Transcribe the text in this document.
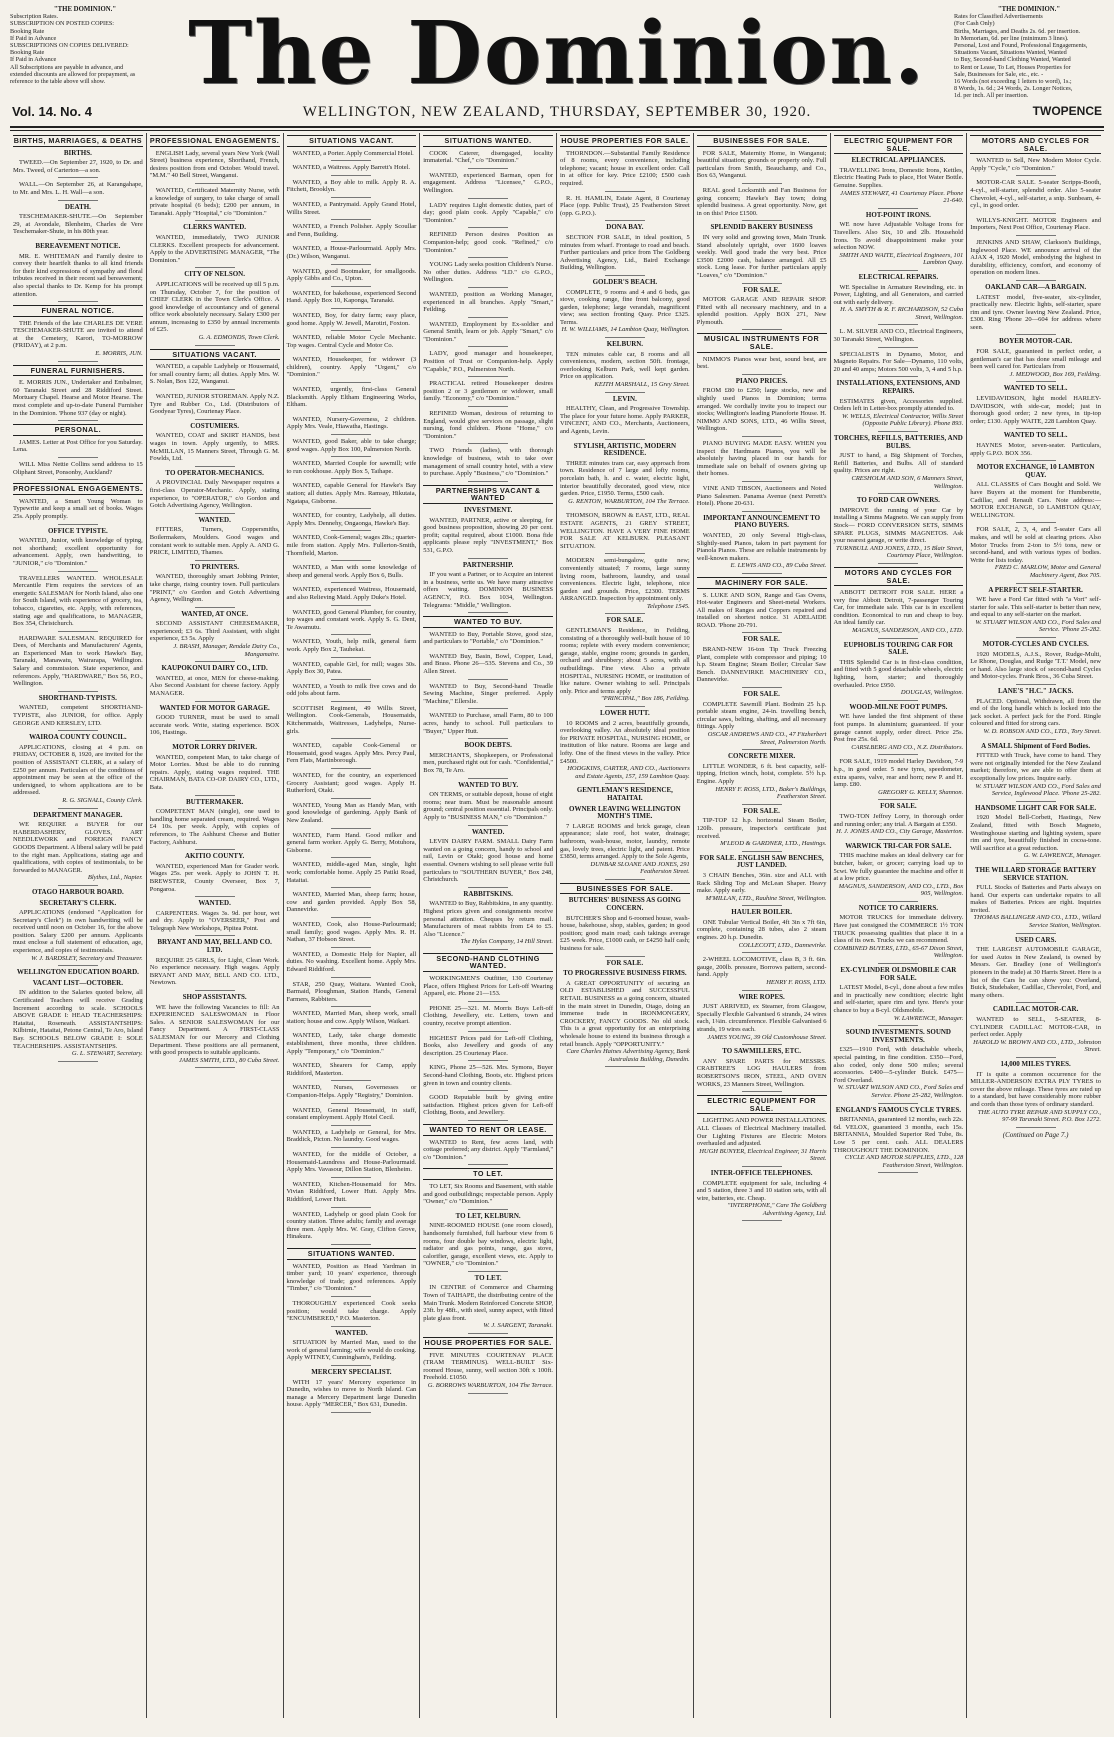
"THE DOMINION."
Subscription Rates.
SUBSCRIPTION ON POSTED COPIES:
Booking Rate
If Paid in Advance
SUBSCRIPTIONS ON COPIES DELIVERED:
Booking Rate
If Paid in Advance
All Subscriptions are payable in advance, and
extended discounts are allowed for prepayment, as
reference to the table above will show. The Dominion.	"THE DOMINION."
Rates for Classified Advertisements
(For Cash Only)
Births, Marriages, and Deaths 2s. 6d. per insertion.
In Memoriam, 6d. per line (minimum 3 lines).
Personal, Lost and Found, Professional Engagements,
Situations Vacant, Situations Wanted, Wanted
to Buy, Second-hand Clothing Wanted, Wanted
to Rent or Lease, To Let, Houses Properties for
Sale, Businesses for Sale, etc., etc. -
16 Words (not exceeding 1 letters to word), 1s.;
8 Words, 1s. 6d.; 24 Words, 2s. Longer Notices,
1d. per inch. All per insertion.
Vol. 14. No. 4	WELLINGTON, NEW ZEALAND, THURSDAY, SEPTEMBER 30, 1920.	TWOPENCE
BIRTHS, MARRIAGES, & DEATHS
BIRTHS.

TWEED.—On September 27, 1920, to Dr. and Mrs. Tweed, of Carterton—a son.

WALL.—On September 26, at Karangahape, to Mr. and Mrs. L. H. Wall—a son.

DEATH.

TESCHEMAKER-SHUTE.—On September 29, at Avondale, Blenheim, Charles de Vere Teschemaker-Shute, in his 80th year.

BEREAVEMENT NOTICE.

MR. E. WHITEMAN and Family desire to convey their heartfelt thanks to all kind friends for their kind expressions of sympathy and floral tributes received in their recent sad bereavement; also special thanks to Dr. Kemp for his prompt attention.

FUNERAL NOTICE.

THE Friends of the late CHARLES DE VERE TESCHEMAKER-SHUTE are invited to attend at the Cemetery, Karori, TO-MORROW (FRIDAY), at 2 p.m.

E. MORRIS, JUN.

FUNERAL FURNISHERS.

E. MORRIS JUN., Undertaker and Embalmer, 60 Taranaki Street and 28 Riddiford Street. Mortuary Chapel. Hearse and Motor Hearse. The most complete and up-to-date Funeral Furnisher in the Dominion. 'Phone 937 (day or night).

PERSONAL.

JAMES. Letter at Post Office for you Saturday. Lena.

WILL Miss Nettie Collins send address to 15 Oliphant Street, Ponsonby, Auckland?

PROFESSIONAL ENGAGEMENTS.

WANTED, a Smart Young Woman to Typewrite and keep a small set of books. Wages 25s. Apply promptly.

OFFICE TYPISTE.

WANTED, Junior, with knowledge of typing, not shorthand; excellent opportunity for advancement. Apply, own handwriting, to "JUNIOR," c/o "Dominion."

TRAVELLERS WANTED. WHOLESALE Mercantile Firm requires the services of an energetic SALESMAN for North Island, also one for South Island, with experience of grocery, tea, tobacco, cigarettes, etc. Apply, with references, stating age and qualifications, to MANAGER, Box 354, Christchurch.

HARDWARE SALESMAN. REQUIRED for Dees, of Merchants and Manufacturers' Agents, an Experienced Man to work Hawke's Bay, Taranaki, Manawatu, Wairarapa, Wellington. Salary and commission. State experience, and references. Apply, "HARDWARE," Box 56, P.O., Wellington.

SHORTHAND-TYPISTS.

WANTED, competent SHORTHAND-TYPISTE, also JUNIOR, for office. Apply GEORGE AND KERSLEY, LTD.

WAIROA COUNTY COUNCIL.

APPLICATIONS, closing at 4 p.m. on FRIDAY, OCTOBER 8, 1920, are invited for the position of ASSISTANT CLERK, at a salary of £250 per annum. Particulars of the conditions of appointment may be seen at the office of the undersigned, to whom applications are to be addressed.

R. G. SIGNALL, County Clerk.

DEPARTMENT MANAGER.

WE REQUIRE a BUYER for our HABERDASHERY, GLOVES, ART NEEDLEWORK and FOREIGN FANCY GOODS Department. A liberal salary will be paid to the right man. Applications, stating age and qualifications, with copies of testimonials, to be forwarded to MANAGER.

Blythes, Ltd., Napier.

OTAGO HARBOUR BOARD.
SECRETARY'S CLERK.

APPLICATIONS (endorsed "Application for Secretary's Clerk") in own handwriting will be received until noon on October 16, for the above position. Salary £200 per annum. Applicants must enclose a full statement of education, age, experience, and copies of testimonials.

W. J. BARDSLEY, Secretary and Treasurer.

WELLINGTON EDUCATION BOARD.
VACANT LIST—OCTOBER.

IN addition to the Salaries quoted below, all Certificated Teachers will receive Grading Increment according to scale. SCHOOLS ABOVE GRADE I: HEAD TEACHERSHIPS: Hataitai, Roseneath. ASSISTANTSHIPS: Kilbirnie, Hataitai, Petone Central, Te Aro, Island Bay. SCHOOLS BELOW GRADE I: SOLE TEACHERSHIPS. ASSISTANTSHIPS.

G. L. STEWART, Secretary.

PROFESSIONAL ENGAGEMENTS.

ENGLISH Lady, several years New York (Wall Street) business experience, Shorthand, French, desires position from end October. Would travel. "M.M." 40 Bell Street, Wanganui.

WANTED, Certificated Maternity Nurse, with a knowledge of surgery, to take charge of small private hospital (6 beds); £200 per annum, in Taranaki. Apply "Hospital," c/o "Dominion."

CLERKS WANTED.

WANTED, immediately, TWO JUNIOR CLERKS. Excellent prospects for advancement. Apply to the ADVERTISING MANAGER, "The Dominion."

CITY OF NELSON.

APPLICATIONS will be received up till 5 p.m. on Thursday, October 7, for the position of CHIEF CLERK in the Town Clerk's Office. A good knowledge of accountancy and of general office work absolutely necessary. Salary £300 per annum, increasing to £350 by annual increments of £25.

G. A. EDMONDS, Town Clerk.

SITUATIONS VACANT.

WANTED, a capable Ladyhelp or Housemaid, for small country farm; all duties. Apply Mrs. W. S. Nolan, Box 122, Wanganui.

WANTED, JUNIOR STOREMAN. Apply N.Z. Tyre and Rubber Co., Ltd. (Distributors of Goodyear Tyres), Courtenay Place.

COSTUMIERS.

WANTED, COAT and SKIRT HANDS, best wages in town. Apply urgently, to MRS. McMILLAN, 15 Manners Street, Through G. M. Fowlds, Ltd.

TO OPERATOR-MECHANICS.

A PROVINCIAL Daily Newspaper requires a first-class Operator-Mechanic. Apply, stating experience, to "OPERATOR," c/o Gordon and Gotch Advertising Agency, Wellington.

WANTED.

FITTERS, Turners, Coppersmiths, Boilermakers, Moulders. Good wages and constant work to suitable men. Apply A. AND G. PRICE, LIMITED, Thames.

TO PRINTERS.

WANTED, thoroughly smart Jobbing Printer, take charge, rising country town. Full particulars "PRINT," c/o Gordon and Gotch Advertising Agency, Wellington.

WANTED, AT ONCE.

SECOND ASSISTANT CHEESEMAKER, experienced; £3 6s. Third Assistant, with slight experience, £3 5s. Apply

J. BRASH, Manager, Rendale Dairy Co., Mangamaire.

KAUPOKONUI DAIRY CO., LTD.

WANTED, at once, MEN for cheese-making. Also Second Assistant for cheese factory. Apply MANAGER.

WANTED FOR MOTOR GARAGE.

GOOD TURNER, must be used to small accurate work. Write, stating experience. BOX 106, Hastings.

MOTOR LORRY DRIVER.

WANTED, competent Man, to take charge of Motor Lorries. Must be able to do running repairs. Apply, stating wages required. THE CHAIRMAN, BATA CO-OP. DAIRY CO., LTD., Bata.

BUTTERMAKER.

COMPETENT MAN (single), one used to handling home separated cream, required. Wages £4 10s. per week. Apply, with copies of references, to The Ashhurst Cheese and Butter Factory, Ashhurst.

AKITIO COUNTY.

WANTED, experienced Man for Grader work. Wages 25s. per week. Apply to JOHN T. H. BREWSTER, County Overseer, Box 7, Pongaroa.

WANTED.

CARPENTERS. Wages 3s. 9d. per hour, wet and dry. Apply to "OVERSEER," Post and Telegraph New Workshops, Pipitea Point.

BRYANT AND MAY, BELL AND CO. LTD.

REQUIRE 25 GIRLS, for Light, Clean Work. No experience necessary. High wages. Apply BRYANT AND MAY, BELL AND CO. LTD., Newtown.

SHOP ASSISTANTS.

WE have the following Vacancies to fill: An EXPERIENCED SALESWOMAN in Floor Sales. A SENIOR SALESWOMAN for our Fancy Department. A FIRST-CLASS SALESMAN for our Mercery and Clothing Department. These positions are all permanent, with good prospects to suitable applicants.

JAMES SMITH, LTD., 80 Cuba Street.

SITUATIONS VACANT.

WANTED, a Porter. Apply Commercial Hotel.

WANTED, a Waitress. Apply Barrett's Hotel.

WANTED, a Boy able to milk. Apply R. A. Fitchett, Brooklyn.

WANTED, a Pantrymaid. Apply Grand Hotel, Willis Street.

WANTED, a French Polisher. Apply Scoullar and Fenn, Building.

WANTED, a House-Parlourmaid. Apply Mrs. (Dr.) Wilson, Wanganui.

WANTED, good Bootmaker, for smallgoods. Apply Gibbs and Co., Upton.

WANTED, for bakehouse, experienced Second Hand. Apply Box 10, Kaponga, Taranaki.

WANTED, Boy, for dairy farm; easy place, good home. Apply W. Jewell, Marotiri, Foxton.

WANTED, reliable Motor Cycle Mechanic. Top wages. Central Cycle and Motor Co.

WANTED, Housekeeper, for widower (3 children), country. Apply "Urgent," c/o "Dominion."

WANTED, urgently, first-class General Blacksmith. Apply Eltham Engineering Works, Eltham.

WANTED, Nursery-Governess, 2 children. Apply Mrs. Veale, Hiawatha, Hastings.

WANTED, good Baker, able to take charge; good wages. Apply Box 100, Palmerston North.

WANTED, Married Couple for sawmill; wife to run cookhouse. Apply Box 5, Taihape.

WANTED, capable General for Hawke's Bay station; all duties. Apply Mrs. Ramsay, Hikutaia, Ngatapa, Gisborne.

WANTED, for country, Ladyhelp, all duties. Apply Mrs. Dennehy, Ongaonga, Hawke's Bay.

WANTED, Cook-General; wages 28s.; quarter-mile from station. Apply Mrs. Fullerton-Smith, Thornfield, Marton.

WANTED, a Man with some knowledge of sheep and general work. Apply Box 6, Bulls.

WANTED, experienced Waitress, Housemaid, and also Relieving Maid. Apply Duke's Hotel.

WANTED, good General Plumber, for country, top wages and constant work. Apply S. G. Dent, Te Awamutu.

WANTED, Youth, help milk, general farm work. Apply Box 2, Tauhekai.

WANTED, capable Girl, for mill; wages 30s. Apply Box 30, Patea.

WANTED, a Youth to milk five cows and do odd jobs about farm.

SCOTTISH Regiment, 49 Willis Street, Wellington. Cook-Generals, Housemaids, Kitchenmaids, Waitresses, Ladyhelps, Nurse-girls.

WANTED, capable Cook-General or Housemaid, good wages. Apply Mrs. Percy Paul, Fern Flats, Martinborough.

WANTED, for the country, an experienced Grocery Assistant; good wages. Apply H. Rutherford, Otaki.

WANTED, Young Man as Handy Man, with good knowledge of gardening. Apply Bank of New Zealand.

WANTED, Farm Hand. Good milker and general farm worker. Apply G. Berry, Motuhora, Gisborne.

WANTED, middle-aged Man, single, light work; comfortable home. Apply 25 Patiki Road, Hataitai.

WANTED, Married Man, sheep farm; house, cow and garden provided. Apply Box 58, Dannevirke.

WANTED, Cook, also House-Parlourmaid; small family; good wages. Apply Mrs. R. H. Nathan, 37 Hobson Street.

WANTED, a Domestic Help for Napier, all duties. No washing. Excellent home. Apply Mrs. Edward Riddiford.

STAR, 250 Quay, Waitara. Wanted Cook, Barmaid, Ploughman, Station Hands, General Farmers, Rabbiters.

WANTED, Married Man, sheep work, small station; house and cow. Apply Wilson, Waikari.

WANTED, Lady, take charge domestic establishment, three months, three children. Apply "Temporary," c/o "Dominion."

WANTED, Shearers for Camp, apply Riddiford, Masterton.

WANTED, Nurses, Governesses or Companion-Helps. Apply "Registry," Dominion.

WANTED, General Housemaid, in staff, constant employment. Apply Hotel Cecil.

WANTED, a Ladyhelp or General, for Mrs. Braddick, Picton. No laundry. Good wages.

WANTED, for the middle of October, a Housemaid-Laundress and House-Parlourmaid. Apply Mrs. Vavasour, Dillon Station, Blenheim.

WANTED, Kitchen-Housemaid for Mrs. Vivian Riddiford, Lower Hutt. Apply Mrs. Riddiford, Lower Hutt.

WANTED, Ladyhelp or good plain Cook for country station. Three adults; family and average three men. Apply Mrs. W. Gray, Clifton Grove, Hinakura.

SITUATIONS WANTED.

WANTED, Position as Head Yardman in timber yard; 10 years' experience, thorough knowledge of trade; good references. Apply "Timber," c/o "Dominion."

THOROUGHLY experienced Cook seeks position; would take charge. Apply "ENCUMBERED," P.O. Masterton.

WANTED.

SITUATION by Married Man, used to the work of general farming; wife would do cooking. Apply WITNEY, Cunningham's, Feilding.

MERCERY SPECIALIST.

WITH 17 years' Mercery experience in Dunedin, wishes to move to North Island. Can manage a Mercery Department large Dunedin house. Apply "MERCER," Box 631, Dunedin.

SITUATIONS WANTED.

COOK Caterer, disengaged, locality immaterial. "Chef," c/o "Dominion."

WANTED, experienced Barman, open for engagement. Address "Licensee," G.P.O., Wellington.

LADY requires Light domestic duties, part of day; good plain cook. Apply "Capable," c/o "Dominion."

REFINED Person desires Position as Companion-help; good cook. "Refined," c/o "Dominion."

YOUNG Lady seeks position Children's Nurse. No other duties. Address "I.D." c/o G.P.O., Wellington.

WANTED, position as Working Manager, experienced in all branches. Apply "Smart," Feilding.

WANTED, Employment by Ex-soldier and General Smith, learn or job. Apply "Smart," c/o "Dominion."

LADY, good manager and housekeeper, Position of Trust or Companion-help. Apply "Capable," P.O., Palmerston North.

PRACTICAL retired Housekeeper desires position 2 or 3 gentlemen or widower, small family. "Economy," c/o "Dominion."

REFINED Woman, desirous of returning to England, would give services on passage, slight nursing, fond children. Phone "Home," c/o "Dominion."

TWO Friends (ladies), with thorough knowledge of business, wish to take over management of small country hotel, with a view to purchase. Apply "Business," c/o "Dominion."

PARTNERSHIPS VACANT & WANTED
INVESTMENT.

WANTED, PARTNER, active or sleeping, for good business proposition, showing 20 per cent. profit; capital required, about £1000. Bona fide applicants please reply "INVESTMENT," Box 531, G.P.O.

PARTNERSHIP.

IF you want a Partner, or to Acquire an interest in a business, write us. We have many attractive offers waiting. DOMINION BUSINESS AGENCY, P.O. Box 1034, Wellington. Telegrams: "Middle," Wellington.

WANTED TO BUY.

WANTED to Buy, Portable Stove, good size, and particulars to "Portable," c/o "Dominion."

WANTED Buy, Basin, Bowl, Copper, Lead, and Brass. Phone 26—535. Stevens and Co., 39 Allen Street.

WANTED to Buy, Second-hand Treadle Sewing Machine, Singer preferred. Apply "Machine," Ellerslie.

WANTED to Purchase, small Farm, 80 to 100 acres, handy to school. Full particulars to "Buyer," Upper Hutt.

BOOK DEBTS.

MERCHANTS, Shopkeepers, or Professional men, purchased right out for cash. "Confidential," Box 78, Te Aro.

WANTED TO BUY.

ON TERMS, or suitable deposit, house of eight rooms; near tram. Must be reasonable amount ground; central position essential. Principals only. Apply to "BUSINESS MAN," c/o "Dominion."

WANTED.

LEVIN DAIRY FARM. SMALL Dairy Farm wanted on a going concern, handy to school and rail, Levin or Otaki; good house and home essential. Owners wishing to sell please write full particulars to "SOUTHERN BUYER," Box 248, Christchurch.

RABBITSKINS.

WANTED to Buy, Rabbitskins, in any quantity. Highest prices given and consignments receive personal attention. Cheques by return mail. Manufacturers of meat rabbits from £4 to £5. Also "Licence."

The Hylas Company, 14 Hill Street.

SECOND-HAND CLOTHING WANTED.

WORKINGMEN'S Outfitter, 130 Courtenay Place, offers Highest Prices for Left-off Wearing Apparel, etc. Phone 21—153.

PHONE 25—321. M. Morris Buys Left-off Clothing, Jewellery, etc. Letters, town and country, receive prompt attention.

HIGHEST Prices paid for Left-off Clothing, Books, also Jewellery and goods of any description. 25 Courtenay Place.

KING, Phone 25—526. Mrs. Symons, Buyer Second-hand Clothing, Boots, etc. Highest prices given in town and country clients.

GOOD Reputable built by giving entire satisfaction. Highest prices given for Left-off Clothing, Boots, and Jewellery.

WANTED TO RENT OR LEASE.

WANTED to Rent, few acres land, with cottage preferred; any district. Apply "Farmland," c/o "Dominion."

TO LET.

TO LET, Six Rooms and Basement, with stable and good outbuildings; respectable person. Apply "Owner," c/o "Dominion."

TO LET, KELBURN.

NINE-ROOMED HOUSE (one room closed), handsomely furnished, full harbour view from 6 rooms, four double bay windows, electric light, radiator and gas points, range, gas stove, calorifier, garage, excellent views, etc. Apply to "OWNER," c/o "Dominion."

TO LET.

IN CENTRE of Commerce and Charming Town of TAIHAPE, the distributing centre of the Main Trunk. Modern Reinforced Concrete SHOP, 23ft. by 48ft., with steel, sunny aspect, with fitted plate glass front.

W. J. SARGENT, Taranaki.

HOUSE PROPERTIES FOR SALE.

FIVE MINUTES COURTENAY PLACE (TRAM TERMINUS). WELL-BUILT Six-roomed House, sunny, well section 30ft x 100ft. Freehold. £1050.

G. BORROWS WARBURTON, 104 The Terrace.

HOUSE PROPERTIES FOR SALE.

THORNDON.—Substantial Family Residence of 8 rooms, every convenience, including telephone; vacant; house in excellent order. Call in at office for key. Price £2100; £500 cash required.

R. H. HAMLIN, Estate Agent, 8 Courtenay Place (opp. Public Trust), 25 Featherston Street (opp. G.P.O.).

DONA BAY.

SECTION FOR SALE, in ideal position, 5 minutes from wharf. Frontage to road and beach. Further particulars and price from The Goldberg Advertising Agency, Ltd., Baird Exchange Building, Wellington.

GOLDER'S BEACH.

COMPLETE, 9 rooms and 4 and 6 beds, gas stove, cooking range, fine front balcony, good garden, telephone; large verandah, magnificent view; sea section fronting Quay. Price £325. Terms.

H. W. WILLIAMS, 14 Lambton Quay, Wellington.

KELBURN.

TEN minutes cable car, 8 rooms and all conveniences, modern, section 50ft. frontage, overlooking Kelburn Park, well kept garden. Price on application.

KEITH MARSHALL, 15 Grey Street.

LEVIN.

HEALTHY, Clean, and Progressive Township. The place for your future home. Apply PARKER, VINCENT, AND CO., Merchants, Auctioneers, and Agents, Levin.

STYLISH, ARTISTIC, MODERN RESIDENCE.

THREE minutes tram car, easy approach from town. Residence of 7 large and lofty rooms, porcelain bath, h. and c. water, electric light, interior beautifully decorated, good view, nice garden. Price, £1950. Terms, £500 cash.

G. RENTON, WARBURTON, 104 The Terrace.

THOMSON, BROWN & EAST, LTD., REAL ESTATE AGENTS, 21 GREY STREET, WELLINGTON. HAVE A VERY FINE HOME FOR SALE AT KELBURN. PLEASANT SITUATION.

MODERN semi-bungalow, quite new; conveniently situated; 7 rooms, large sunny living room, bathroom, laundry, and usual conveniences. Electric light, telephone, nice garden and grounds. Price, £2300. TERMS ARRANGED. Inspection by appointment only.

Telephone 1545.

FOR SALE.

GENTLEMAN'S Residence, in Feilding, consisting of a thoroughly well-built house of 10 rooms; replete with every modern convenience; garage, stable, engine room; grounds in garden, orchard and shrubbery; about 5 acres, with all outbuildings. Fine view. Also a private HOSPITAL, NURSING HOME, or institution of like nature. Owner wishing to sell. Principals only. Price and terms apply

"PRINCIPAL," Box 186, Feilding.

LOWER HUTT.

10 ROOMS and 2 acres, beautifully grounds, overlooking valley. An absolutely ideal position for PRIVATE HOSPITAL, NURSING HOME, or institution of like nature. Rooms are large and lofty. One of the finest views in the valley. Price £4500.

HODGKINS, CARTER, AND CO., Auctioneers and Estate Agents, 157, 159 Lambton Quay.

GENTLEMAN'S RESIDENCE, HATAITAI.
OWNER LEAVING WELLINGTON MONTH'S TIME.

7 LARGE ROOMS and brick garage, clean appearance; slate roof, hot water, drainage; bathroom, wash-house, motor, laundry, remote gas, lovely trees, electric light, and patent. Price £3850, terms arranged. Apply to the Sole Agents,

DUNBAR SLOANE AND JONES, 291 Featherston Street.

BUSINESSES FOR SALE.
BUTCHERS' BUSINESS AS GOING CONCERN.

BUTCHER'S Shop and 6-roomed house, wash-house, bakehouse, shop, stables, garden; in good position; good main road; cash takings average £25 week. Price, £1000 cash, or £4250 half cash; business for sale.

FOR SALE.
TO PROGRESSIVE BUSINESS FIRMS.

A GREAT OPPORTUNITY of securing an OLD ESTABLISHED and SUCCESSFUL RETAIL BUSINESS as a going concern, situated in the main street in Dunedin, Otago, doing an immense trade in IRONMONGERY, CROCKERY, FANCY GOODS. No old stock. This is a great opportunity for an enterprising wholesale house to extend its business through a retail branch. Apply "OPPORTUNITY."

Care Charles Haines Advertising Agency, Bank Australasia Building, Dunedin.

BUSINESSES FOR SALE.

FOR SALE, Maternity Home, in Wanganui; beautiful situation; grounds or property only. Full particulars from Smith, Beauchamp, and Co., Box 63, Wanganui.

REAL good Locksmith and Fan Business for going concern; Hawke's Bay town; doing splendid business. A great opportunity. Now, get in on this! Price £1500.

SPLENDID BAKERY BUSINESS

IN very solid and growing town, Main Trunk. Stand absolutely upright, over 1600 loaves weekly. Well good trade the very best. Price £3500 £2000 cash, balance arranged. All £5 stock. Long lease. For further particulars apply "Loaves," c/o "Dominion."

FOR SALE.

MOTOR GARAGE AND REPAIR SHOP. Fitted with all necessary machinery, and in a splendid position. Apply BOX 271, New Plymouth.

MUSICAL INSTRUMENTS FOR SALE.

NIMMO'S Pianos wear best, sound best, are best.

PIANO PRICES.

FROM £80 to £250; large stocks, new and slightly used Pianos in Dominion; terms arranged. We cordially invite you to inspect our stocks; Wellington's leading Pianoforte House. H. NIMMO AND SONS, LTD., 46 Willis Street, Wellington.

PIANO BUYING MADE EASY. WHEN you inspect the Hardmans Pianos, you will be absolutely having placed in our hands for immediate sale on behalf of owners giving up their homes.

VINE AND TIBSON, Auctioneers and Noted Piano Salesmen. Panama Avenue (next Perrett's Hotel). Phone 20-631.

IMPORTANT ANNOUNCEMENT TO PIANO BUYERS.

WANTED, 20 only Several High-class, Slightly-used Pianos, taken in part payment for Pianola Pianos. These are reliable instruments by well-known makers.

E. LEWIS AND CO., 89 Cuba Street.

MACHINERY FOR SALE.

S. LUKE AND SON, Range and Gas Ovens, Hot-water Engineers and Sheet-metal Workers. All makes of Ranges and Coppers repaired and installed on shortest notice. 31 ADELAIDE ROAD. 'Phone 20-791.

FOR SALE.

BRAND-NEW 16-ton Tip Truck Freezing Plant, complete with compressor and piping; 10 h.p. Steam Engine; Steam Boiler; Circular Saw Bench. DANNEVIRKE MACHINERY CO., Dannevirke.

FOR SALE.

COMPLETE Sawmill Plant. Bodmin 25 h.p. portable steam engine, 24-in. travelling bench, circular saws, belting, shafting, and all necessary fittings. Apply

OSCAR ANDREWS AND CO., 47 Fitzherbert Street, Palmerston North.

CONCRETE MIXER.

LITTLE WONDER, 6 ft. best capacity, self-tipping, friction winch, hoist, complete. 5½ h.p. Engine. Apply

HENRY F. ROSS, LTD., Baker's Buildings, Featherston Street.

FOR SALE.

TIP-TOP 12 h.p. horizontal Steam Boiler, 120lb. pressure, inspector's certificate just received.

M'LEOD & GARDNER, LTD., Hastings.

FOR SALE. ENGLISH SAW BENCHES, JUST LANDED.

3 CHAIN Benches, 36in. size and ALL with Rack Sliding Top and McLean Shaper. Heavy make. Apply early.

M'MILLAN, LTD., Rauhine Street, Wellington.

HAULER BOILER.

ONE Tubular Vertical Boiler, 4ft 3in x 7ft 6in, complete, containing 28 tubes, also 2 steam engines. 20 h.p. Dunedin.

COLLECOTT, LTD., Dannevirke.

2-WHEEL LOCOMOTIVE, class B, 3 ft. 6in. gauge, 200lb. pressure, Borrows pattern, second-hand. Apply

HENRY F. ROSS, LTD.

WIRE ROPES.

JUST ARRIVED, ex Steamer, from Glasgow, Specially Flexible Galvanised 6 strands, 24 wires each, 1¼in. circumference. Flexible Galvanised 6 strands, 19 wires each.

JAMES YOUNG, 39 Old Customhouse Street.

TO SAWMILLERS, ETC.

ANY SPARE PARTS for MESSRS. CRABTREE'S LOG HAULERS from ROBERTSON'S IRON, STEEL, AND OVEN WORKS, 23 Manners Street, Wellington.

ELECTRIC EQUIPMENT FOR SALE.

LIGHTING AND POWER INSTALLATIONS. ALL Classes of Electrical Machinery installed. Our Lighting Fixtures are Electric Motors overhauled and adjusted.

HUGH BUNYER, Electrical Engineer, 31 Harris Street.

INTER-OFFICE TELEPHONES.

COMPLETE equipment for sale, including 4 and 5 station, three 3 and 10 station sets, with all wire, batteries, etc. Cheap.

"INTERPHONE," Care The Goldberg Advertising Agency, Ltd.

ELECTRIC EQUIPMENT FOR SALE.
ELECTRICAL APPLIANCES.

TRAVELLING Irons, Domestic Irons, Kettles, Electric Heating Pads to place, Hot Water Bottle. Genuine. Supplies.

JAMES STEWART, 41 Courtenay Place. Phone 21-640.

HOT-POINT IRONS.

WE now have Adjustable Voltage Irons for Travellers. Also Six, 10 and 2lb. Household Irons. To avoid disappointment make your selection NOW.

SMITH AND WAITE, Electrical Engineers, 101 Lambton Quay.

ELECTRICAL REPAIRS.

WE Specialise in Armature Rewinding, etc. in Power, Lighting, and all Generators, and carried out with early delivery.

H. A. SMYTH & R. F. RICHARDSON, 52 Cuba Street, Wellington.

L. M. SILVER AND CO., Electrical Engineers, 30 Taranaki Street, Wellington.

SPECIALISTS in Dynamo, Motor, and Magneto Repairs. For Sale—Dynamo, 110 volts, 20 and 40 amps; Motors 500 volts, 3, 4 and 5 h.p.

INSTALLATIONS, EXTENSIONS, AND REPAIRS.

ESTIMATES given, Accessories supplied. Orders left in Letter-box promptly attended to.

W. WELLS, Electrical Contractor, Willis Street (Opposite Public Library). Phone 893.

TORCHES, REFILLS, BATTERIES, AND BULBS.

JUST to hand, a Big Shipment of Torches, Refill Batteries, and Bulbs. All of standard quality. Prices are right.

CRESHOLM AND SON, 6 Manners Street, Wellington.

TO FORD CAR OWNERS.

IMPROVE the running of your Car by installing a Simms Magneto. We can supply from Stock— FORD CONVERSION SETS, SIMMS SPARE PLUGS, SIMMS MAGNETOS. Ask your nearest garage, or write direct.

TURNBULL AND JONES, LTD., 15 Blair Street, Courtenay Place, Wellington.

MOTORS AND CYCLES FOR SALE.

ABBOTT DETROIT FOR SALE. HERE a very fine Abbott Detroit, 7-passenger Touring Car, for immediate sale. This car is in excellent condition. Economical to run and cheap to buy. An ideal family car.

MAGNUS, SANDERSON, AND CO., LTD.

EUPHOBLIS TOURING CAR FOR SALE.

THIS Splendid Car is in first-class condition, and fitted with 5 good detachable wheels, electric lighting, horn, starter; and thoroughly overhauled. Price £950.

DOUGLAS, Wellington.

WOOD-MILNE FOOT PUMPS.

WE have landed the first shipment of these foot pumps. In aluminium; guaranteed. If your garage cannot supply, order direct. Price 25s. Post free 25s. 6d.

CARSLBERG AND CO., N.Z. Distributors.

FOR SALE, 1919 model Harley Davidson, 7-9 h.p., in good order. 5 new tyres, speedometer, extra spares, valve, rear and horn; new P. and H. lamp. £80.

GREGORY G. KELLY, Shannon.

FOR SALE.

TWO-TON Jeffrey Lorry, in thorough order and running order; any trial. A Bargain at £350.

H. J. JONES AND CO., City Garage, Masterton.

WARWICK TRI-CAR FOR SALE.

THIS machine makes an ideal delivery car for butcher, baker, or grocer; carrying load up to 5cwt. We fully guarantee the machine and offer it at a low price.

MAGNUS, SANDERSON, AND CO., LTD., Box 905, Wellington.

NOTICE TO CARRIERS.

MOTOR TRUCKS for immediate delivery. Have just consigned the COMMERCE 1½ TON TRUCK possessing qualities that place it in a class of its own. Trucks we can recommend.

COMBINED BUYERS, LTD., 65-67 Dixon Street, Wellington.

EX-CYLINDER OLDSMOBILE CAR FOR SALE.

LATEST Model, 8-cyl., done about a few miles and in practically new condition; electric light and self-starter, spare rim and tyre. Here's your chance to buy a 8-cyl. Oldsmobile.

W. LAWRENCE, Manager.

SOUND INVESTMENTS. SOUND INVESTMENTS.

£325—1910 Ford, with detachable wheels, special painting, in fine condition. £350—Ford, also coded, only done 500 miles; several accessories. £400—5-cylinder Buick. £475—Ford Overland.

W. STUART WILSON AND CO., Ford Sales and Service. Phone 25-282, Wellington.

ENGLAND'S FAMOUS CYCLE TYRES.

BRITANNIA, guaranteed 12 months, each 22s. 6d. VELOX, guaranteed 3 months, each 15s. BRITANNIA, Moulded Superior Red Tube, 8s. Low 5 per cent. cash. ALL DEALERS THROUGHOUT THE DOMINION.

CYCLE AND MOTOR SUPPLIES, LTD., 128 Featherston Street, Wellington.

MOTORS AND CYCLES FOR SALE.

WANTED to Sell, New Modern Motor Cycle. Apply "Cycle," c/o "Dominion."

MOTOR-CAR SALE. 5-seater Scripps-Booth, 4-cyl., self-starter, splendid order. Also 5-seater Chevrolet, 4-cyl., self-starter, a snip. Sunbeam, 4-cyl., in good order.

WILLYS-KNIGHT. MOTOR Engineers and Importers, Next Post Office, Courtenay Place.

JENKINS AND SHAW, Clarkson's Buildings, Inglewood Place. WE announce arrival of the AJAX 4, 1920 Model, embodying the highest in durability, efficiency, comfort, and economy of operation on modern lines.

OAKLAND CAR—A BARGAIN.

LATEST model, five-seater, six-cylinder, practically new. Electric lights, self-starter, spare rim and tyre. Owner leaving New Zealand. Price, £300. Ring 'Phone 20—604 for address where seen.

BOYER MOTOR-CAR.

FOR SALE, guaranteed in perfect order, a gentleman's car that has done small mileage and been well cared for. Particulars from

J. MEDWOOD, Box 169, Feilding.

WANTED TO SELL.

LEVIDAVIDSON, light model HARLEY-DAVIDSON, with side-car, model; just in thorough good order; 2 new tyres, in tip-top order; £130. Apply WAITE, 228 Lambton Quay.

WANTED TO SELL.

HAYNES Motor, seven-seater. Particulars, apply G.P.O. BOX 356.

MOTOR EXCHANGE, 10 LAMBTON QUAY.

ALL CLASSES of Cars Bought and Sold. We have Buyers at the moment for Humberette, Cadillac, and Renault Cars. Note address:— MOTOR EXCHANGE, 10 LAMBTON QUAY, WELLINGTON.

FOR SALE, 2, 3, 4, and 5-seater Cars all makes, and will be sold at clearing prices. Also Motor Trucks from 2-ton to 5½ tons, new or second-hand, and with various types of bodies. Write for lists today.

FRED C. MARLOW, Motor and General Machinery Agent, Box 705.

A PERFECT SELF-STARTER.

WE have a Ford Car fitted with "a Vort" self-starter for sale. This self-starter is better than new, and equal to any self-starter on the market.

W. STUART WILSON AND CO., Ford Sales and Service. 'Phone 25-282.

MOTOR-CYCLES AND CYCLES.

1920 MODELS, A.J.S., Rover, Rudge-Multi, Le Rhone, Douglas, and Rudge 'T.T.' Model, new or hand. Also large stock of second-hand Cycles and Motor-cycles. Frank Bros., 36 Cuba Street.

LANE'S "H.C." JACKS.

PLACED. Optional, Withdrawn, all from the end of the long handle which is locked into the jack socket. A perfect jack for the Ford. Ringle coloured and fitted for strong cars.

W. D. ROBSON AND CO., LTD., Tory Street.

A SMALL Shipment of Ford Bodies.

FITTED with Truck, have come to hand. They were not originally intended for the New Zealand market; therefore, we are able to offer them at exceptionally low prices. Inquire early.

W. STUART WILSON AND CO., Ford Sales and Service, Inglewood Place. 'Phone 25-282.

HANDSOME LIGHT CAR FOR SALE.

1920 Model Bell-Corbett, Hastings, New Zealand, fitted with Bosch Magneto, Westinghouse starting and lighting system, spare rim and tyre, beautifully finished in cocoa-tone. Will sacrifice at a great reduction.

G. W. LAWRENCE, Manager.

THE WILLARD STORAGE BATTERY SERVICE STATION.

FULL Stocks of Batteries and Parts always on hand. Our experts can undertake repairs to all makes of Batteries. Prices are right. Inquiries invited.

THOMAS BALLINGER AND CO., LTD., Willard Service Station, Wellington.

USED CARS.

THE LARGEST AUTOMOBILE GARAGE, for used Autos in New Zealand, is owned by Messrs. Ger. Bradley (one of Wellington's pioneers in the trade) at 30 Harris Street. Here is a list of the Cars he can show you: Overland, Buick, Studebaker, Cadillac, Chevrolet, Ford, and many others.

CADILLAC MOTOR-CAR.

WANTED to SELL, 5-SEATER, 8-CYLINDER CADILLAC MOTOR-CAR, in perfect order. Apply

HAROLD W. BROWN AND CO., LTD., Johnston Street.

14,000 MILES TYRES.

IT is quite a common occurrence for the MILLER-ANDERSON EXTRA PLY TYRES to cover the above mileage. These tyres are rated up to a standard, but have considerably more rubber and cords than those tyres of ordinary standard.

THE AUTO TYRE REPAIR AND SUPPLY CO., 97-99 Taranaki Street. P.O. Box 1272.

(Continued on Page 7.)
